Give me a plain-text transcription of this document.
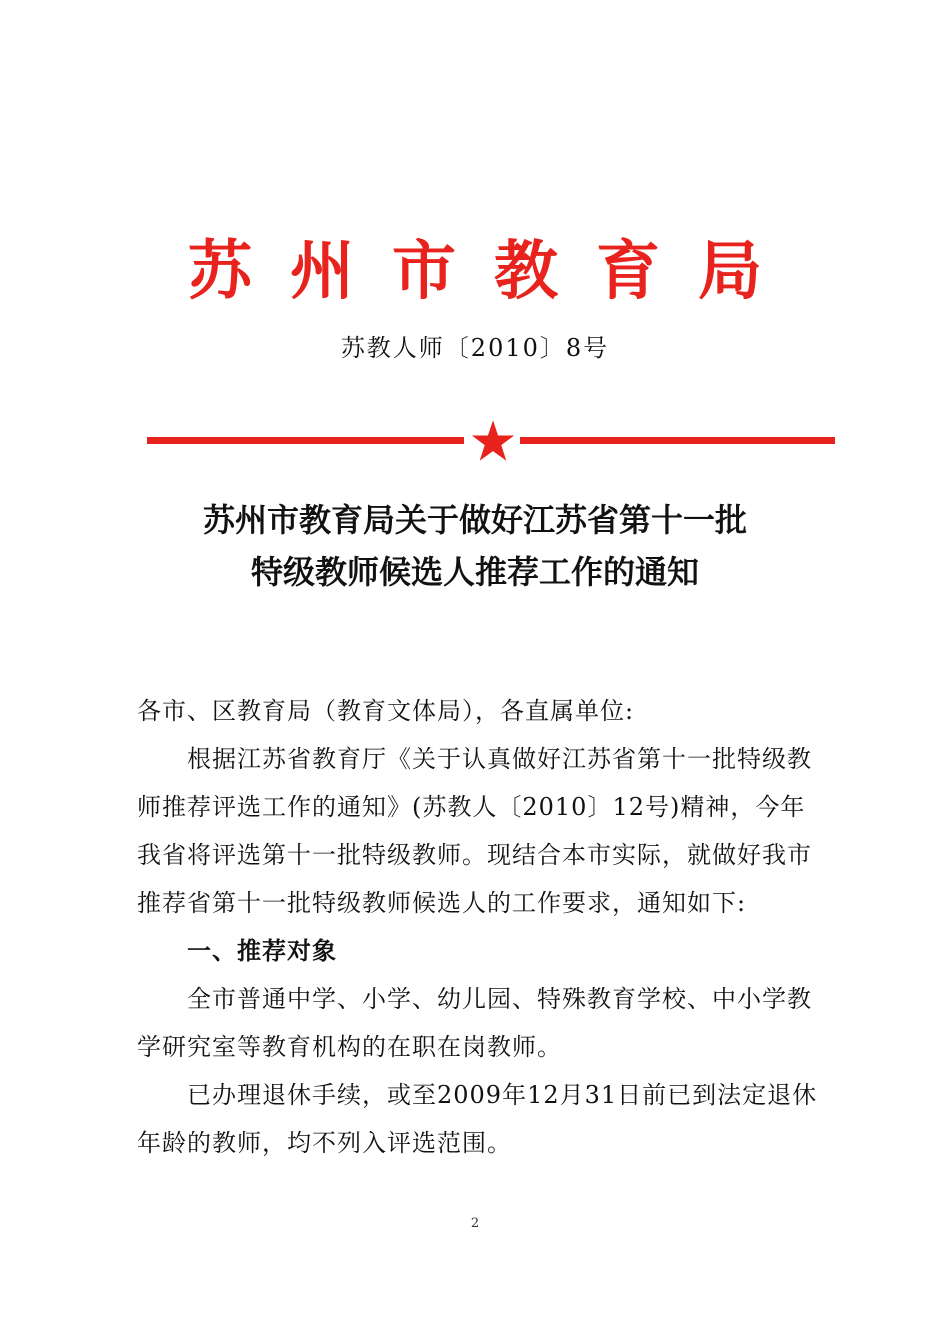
苏州市教育局
苏教人师〔2010〕8号
苏州市教育局关于做好江苏省第十一批
特级教师候选人推荐工作的通知
各市、区教育局（教育文体局），各直属单位:
根据江苏省教育厅《关于认真做好江苏省第十一批特级教师推荐评选工作的通知》(苏教人〔2010〕12号)精神，今年我省将评选第十一批特级教师。现结合本市实际，就做好我市推荐省第十一批特级教师候选人的工作要求，通知如下:
一、推荐对象
全市普通中学、小学、幼儿园、特殊教育学校、中小学教学研究室等教育机构的在职在岗教师。
已办理退休手续，或至2009年12月31日前已到法定退休年龄的教师，均不列入评选范围。
2
